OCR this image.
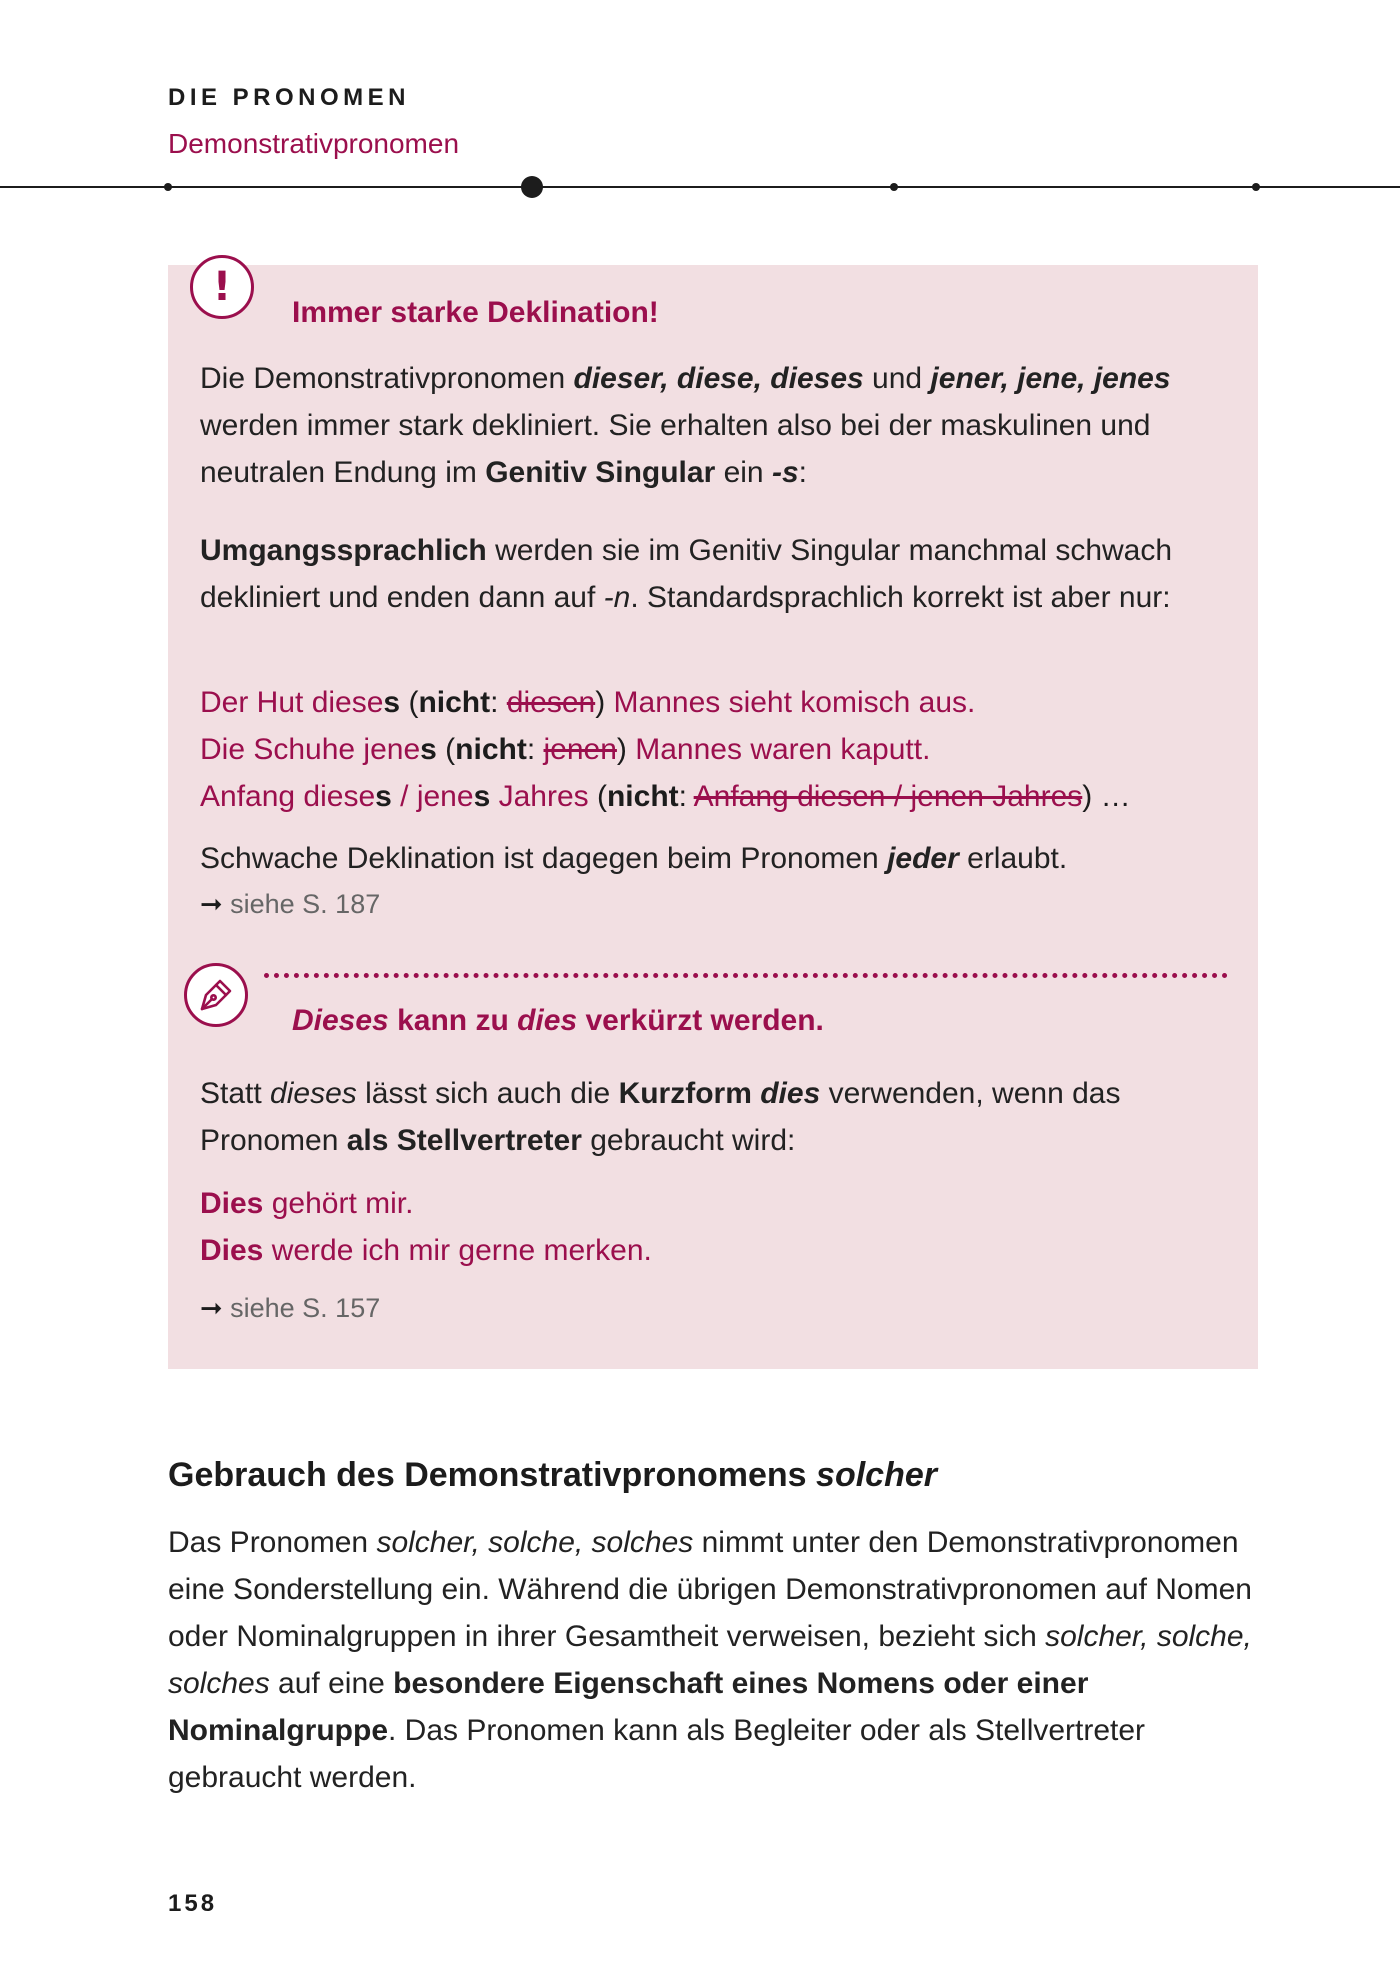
DIE PRONOMEN
Demonstrativpronomen
!
Immer starke Deklination!

Die Demonstrativpronomen dieser, diese, dieses und jener, jene, jenes werden immer stark dekliniert. Sie erhalten also bei der maskulinen und neutralen Endung im Genitiv Singular ein -s:

Umgangssprachlich werden sie im Genitiv Singular manchmal schwach dekliniert und enden dann auf -n. Standardsprachlich korrekt ist aber nur:

Der Hut dieses (nicht: diesen) Mannes sieht komisch aus.
Die Schuhe jenes (nicht: jenen) Mannes waren kaputt.
Anfang dieses / jenes Jahres (nicht: Anfang diesen / jenen Jahres) …

Schwache Deklination ist dagegen beim Pronomen jeder erlaubt.

➞ siehe S. 187
Dieses kann zu dies verkürzt werden.

Statt dieses lässt sich auch die Kurzform dies verwenden, wenn das Pronomen als Stellvertreter gebraucht wird:

Dies gehört mir.
Dies werde ich mir gerne merken.
➞ siehe S. 157
Gebrauch des Demonstrativpronomens solcher

Das Pronomen solcher, solche, solches nimmt unter den Demonstrativpronomen eine Sonderstellung ein. Während die übrigen Demonstrativpronomen auf Nomen oder Nominalgruppen in ihrer Gesamtheit verweisen, bezieht sich solcher, solche, solches auf eine besondere Eigenschaft eines Nomens oder einer Nominalgruppe. Das Pronomen kann als Begleiter oder als Stellvertreter gebraucht werden.

158
